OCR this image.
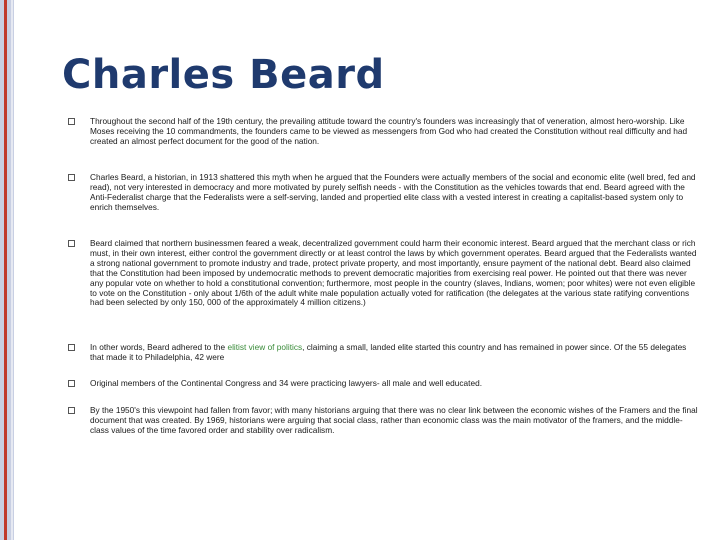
Charles Beard
Throughout the second half of the 19th century, the prevailing attitude toward the country's founders was increasingly that of veneration, almost hero-worship. Like Moses receiving the 10 commandments, the founders came to be viewed as messengers from God who had created the Constitution without real difficulty and had created an almost perfect document for the good of the nation.
Charles Beard, a historian, in 1913 shattered this myth when he argued that the Founders were actually members of the social and economic elite (well bred, fed and read), not very interested in democracy and more motivated by purely selfish needs - with the Constitution as the vehicles towards that end. Beard agreed with the Anti-Federalist charge that the Federalists were a self-serving, landed and propertied elite class with a vested interest in creating a capitalist-based system only to enrich themselves.
Beard claimed that northern businessmen feared a weak, decentralized government could harm their economic interest. Beard argued that the merchant class or rich must, in their own interest, either control the government directly or at least control the laws by which government operates. Beard argued that the Federalists wanted a strong national government to promote industry and trade, protect private property, and most importantly, ensure payment of the national debt. Beard also claimed that the Constitution had been imposed by undemocratic methods to prevent democratic majorities from exercising real power. He pointed out that there was never any popular vote on whether to hold a constitutional convention; furthermore, most people in the country (slaves, Indians, women; poor whites) were not even eligible to vote on the Constitution - only about 1/6th of the adult white male population actually voted for ratification (the delegates at the various state ratifying conventions had been selected by only 150, 000 of the approximately 4 million citizens.)
In other words, Beard adhered to the elitist view of politics, claiming a small, landed elite started this country and has remained in power since. Of the 55 delegates that made it to Philadelphia, 42 were
Original members of the Continental Congress and 34 were practicing lawyers- all male and well educated.
By the 1950's this viewpoint had fallen from favor; with many historians arguing that there was no clear link between the economic wishes of the Framers and the final document that was created. By 1969, historians were arguing that social class, rather than economic class was the main motivator of the framers, and the middle-class values of the time favored order and stability over radicalism.
